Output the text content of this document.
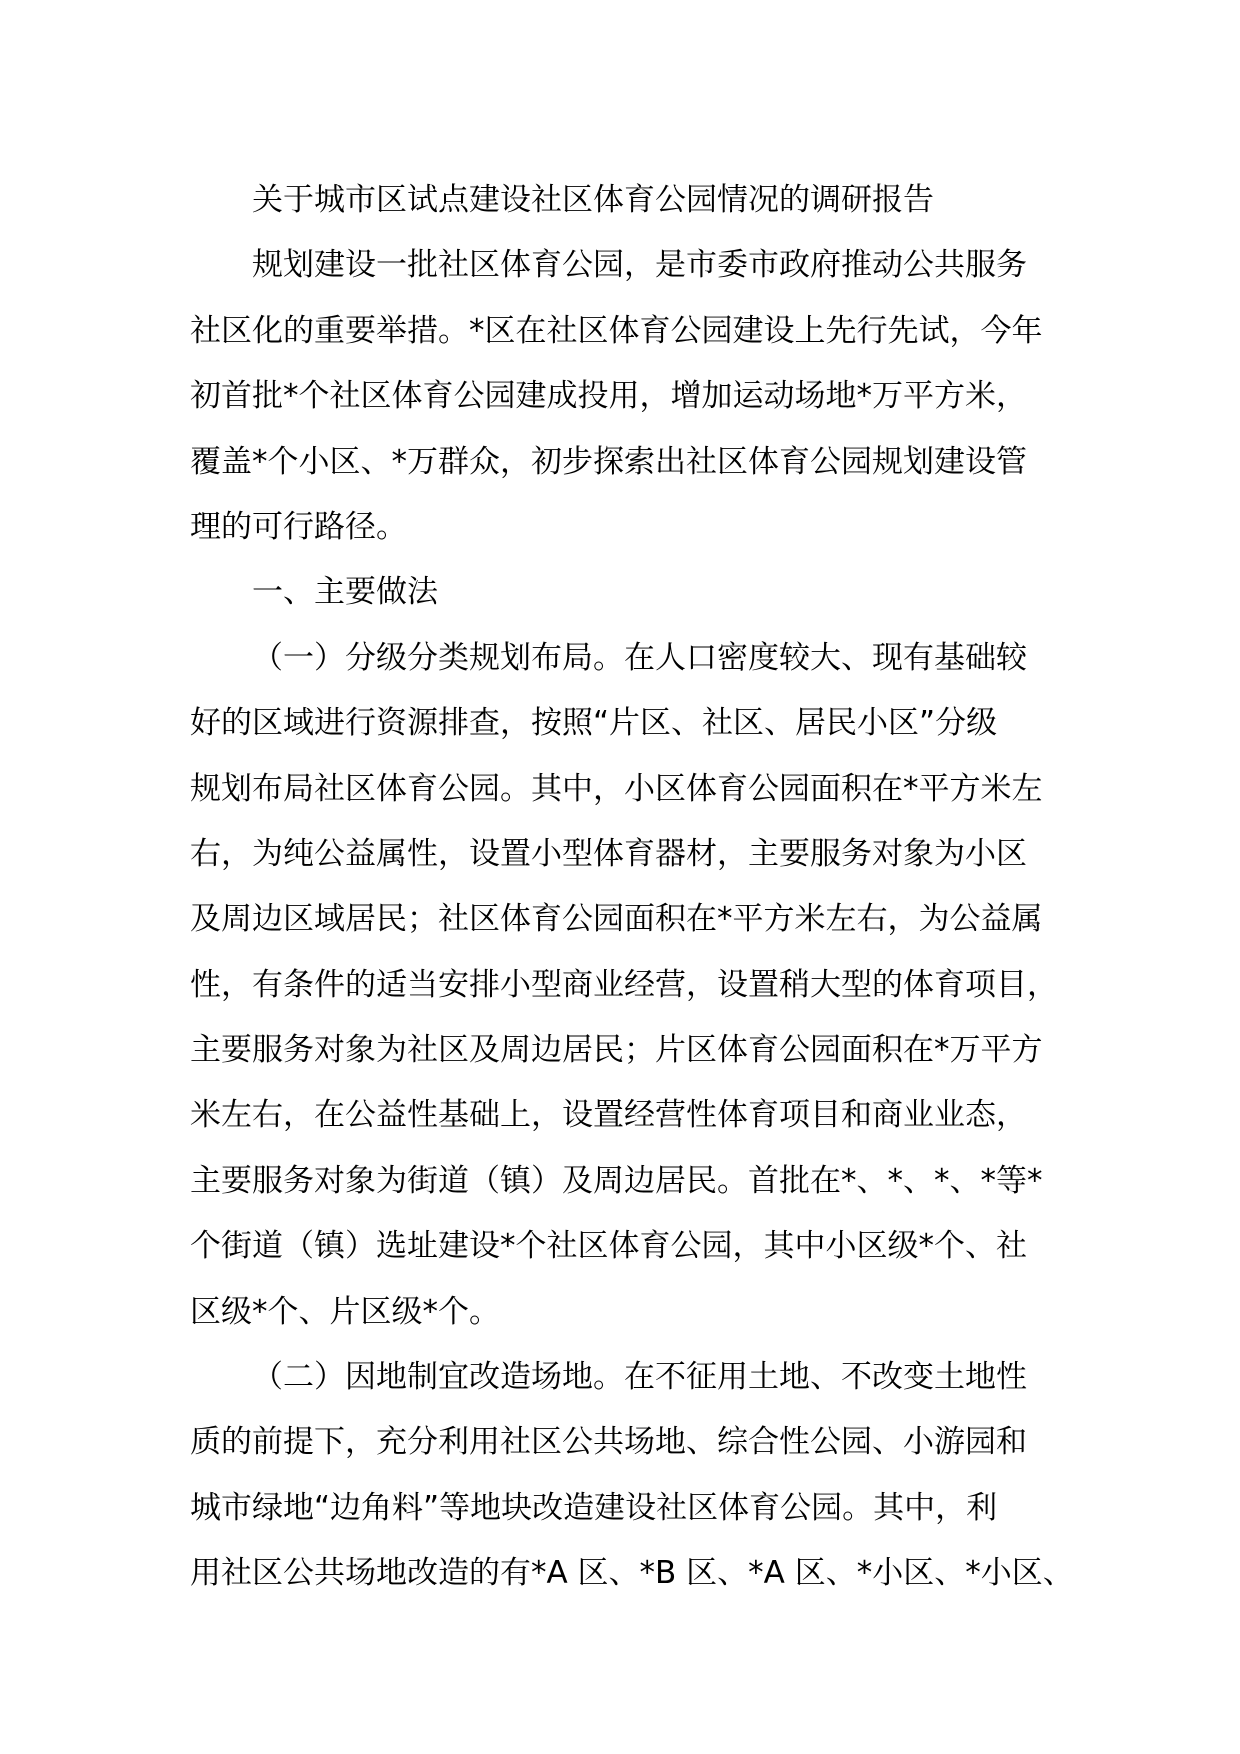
关于城市区试点建设社区体育公园情况的调研报告
规划建设一批社区体育公园，是市委市政府推动公共服务
社区化的重要举措。*区在社区体育公园建设上先行先试，今年
初首批*个社区体育公园建成投用，增加运动场地*万平方米，
覆盖*个小区、*万群众，初步探索出社区体育公园规划建设管
理的可行路径。
一、主要做法
（一）分级分类规划布局。在人口密度较大、现有基础较
好的区域进行资源排查，按照“片区、社区、居民小区”分级
规划布局社区体育公园。其中，小区体育公园面积在*平方米左
右，为纯公益属性，设置小型体育器材，主要服务对象为小区
及周边区域居民；社区体育公园面积在*平方米左右，为公益属
性，有条件的适当安排小型商业经营，设置稍大型的体育项目，
主要服务对象为社区及周边居民；片区体育公园面积在*万平方
米左右，在公益性基础上，设置经营性体育项目和商业业态，
主要服务对象为街道（镇）及周边居民。首批在*、*、*、*等*
个街道（镇）选址建设*个社区体育公园，其中小区级*个、社
区级*个、片区级*个。
（二）因地制宜改造场地。在不征用土地、不改变土地性
质的前提下，充分利用社区公共场地、综合性公园、小游园和
城市绿地“边角料”等地块改造建设社区体育公园。其中，利
用社区公共场地改造的有*A 区、*B 区、*A 区、*小区、*小区、
